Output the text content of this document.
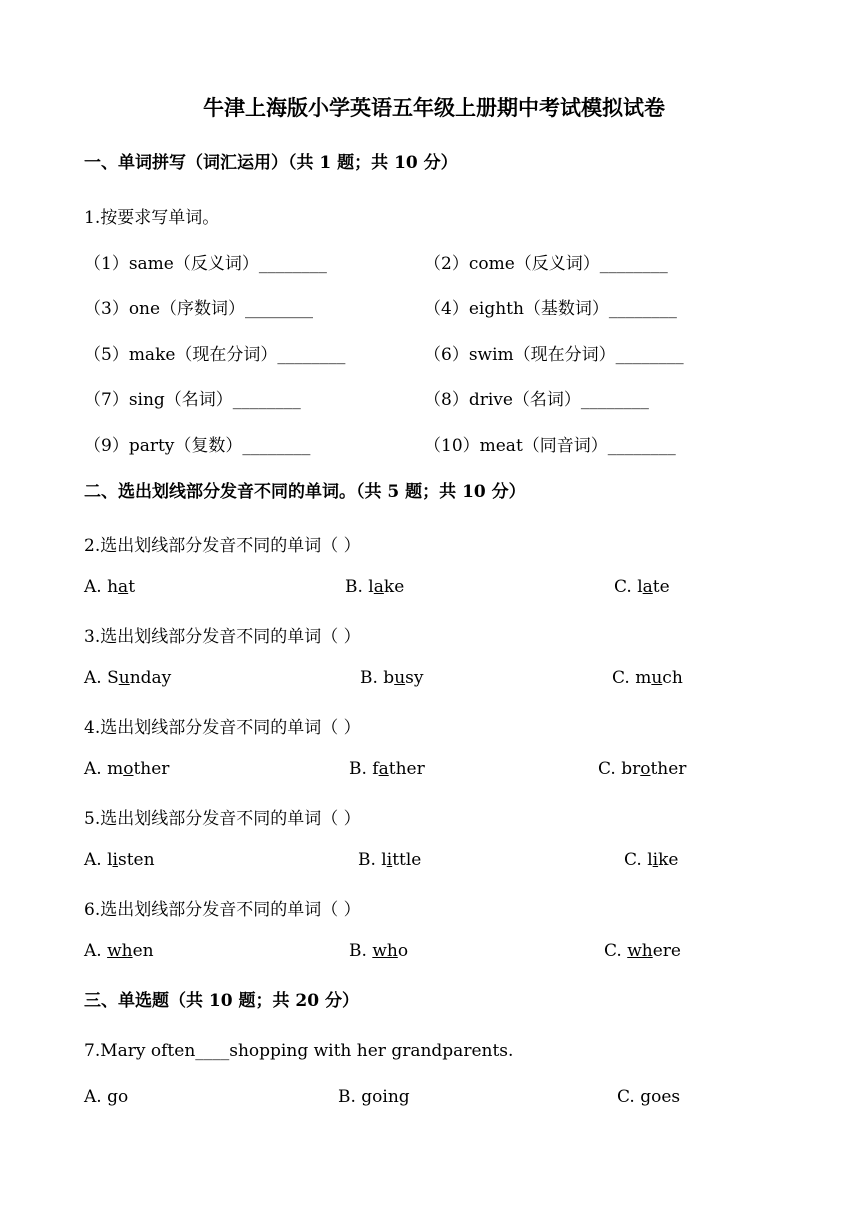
牛津上海版小学英语五年级上册期中考试模拟试卷
一、单词拼写（词汇运用）（共 1 题；共 10 分）
1.按要求写单词。
（1）same（反义词）________	（2）come（反义词）________
（3）one（序数词）________	（4）eighth（基数词）________
（5）make（现在分词）________	（6）swim（现在分词）________
（7）sing（名词）________	（8）drive（名词）________
（9）party（复数）________	（10）meat（同音词）________
二、选出划线部分发音不同的单词。（共 5 题；共 10 分）
2.选出划线部分发音不同的单词（ ）
A. hat	B. lake	C. late
3.选出划线部分发音不同的单词（ ）
A. Sunday	B. busy	C. much
4.选出划线部分发音不同的单词（ ）
A. mother	B. father	C. brother
5.选出划线部分发音不同的单词（ ）
A. listen	B. little	C. like
6.选出划线部分发音不同的单词（ ）
A. when	B. who	C. where
三、单选题（共 10 题；共 20 分）
7.Mary often____shopping with her grandparents.
A. go	B. going	C. goes
